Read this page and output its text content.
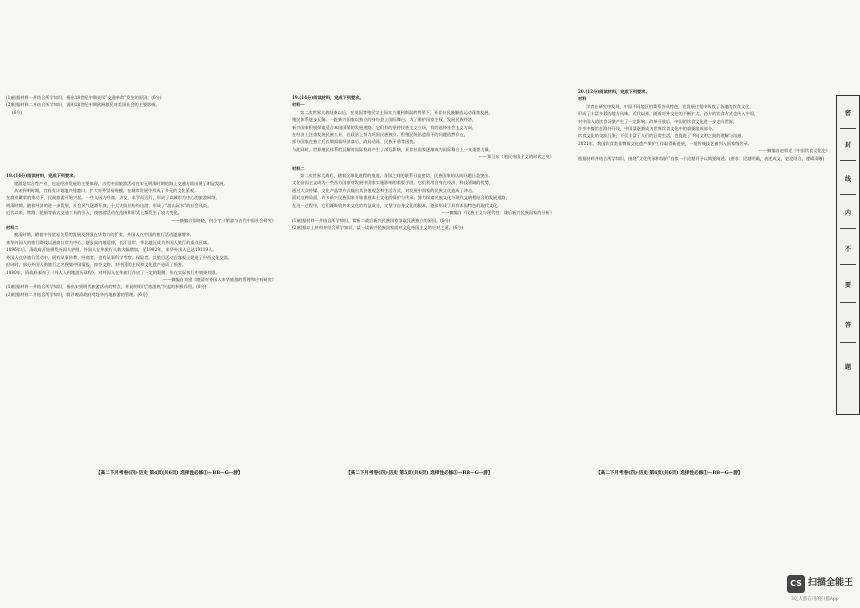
(1)根据材料一并结合所学知识，指出18世纪中期英国“交通革命”发生的原因。(6分)

(2)根据材料二并结合所学知识，说明18世纪中期欧洲移民对美国社会的主要影响。

(6分)

18.(14分)阅读材料，完成下列要求。

旅游是综合性产业，也是经济发展的主要体现。古代中国旅游活动在宋元明清时期的海上交通方面出现了明显发展。

从宋到明时期，官府有计划地兴建港口，扩大对外贸易规模，在城市发展中形成了多元的文化景观。

在商业繁荣的推动下，民间旅游开始兴起，一些人因为经商、访友、求学而远行，形成了以城市为中心的旅游网络。

明清时期，随着经济的进一步发展，社会风气逐渐开放，士大夫阶层纷纷出游，形成了“游山玩水”的社会风尚。

近代以来，铁路、轮船等新式交通工具的引入，使旅游活动在范围和形式上都发生了较大变化。

——摘编自张晓晓、何小宇《旅游与古代中国社会研究》

材料二

晚清时期，随着中外贸易关系的发展及列强在华势力的扩张，外国人在中国的旅行活动逐渐增多。

来华外国人的旅行路线以通商口岸为中心，逐步向内地延伸，长江沿岸、华北地区成为外国人旅行的重点区域。

1896年后，清政府开始颁发外国人护照，外国人在华旅行人数大幅增加，至1902年，来华外国人已达19119人。

外国人在华旅行活动中，既有从事传教、经商者，也有从事科学考察、探险者，其旅行活动在客观上促进了中西文化交流。

但同时，部分外国人借旅行之名搜集中国情报、掠夺文物，对中国的主权和文化遗产造成了损害。

1880年，清政府颁布了《外人入内地游历章程》，对外国人在华旅行作出了一定的限制，但在实际执行中效果有限。

——摘编自刘建《晚清对外国人来华旅游的管理和应对研究》

(1)根据材料一并结合所学知识，指出宋到明代旅游活动的特点，并说明明代“旅游热”兴起的积极作用。(8分)

(2)根据材料二并结合所学知识，简评晚清政府对赴华内地旅游的管理。(6分)

19.(14分)阅读材料，完成下列要求。

材料一

第二次世界大战结束以后，在英国等殖民宗主国实力遭到削弱的背景下，亚非拉民族解放运动蓬勃发展，

殖民体系逐步瓦解。一批新兴国家以独立的身份登上国际舞台，为了维护国家主权、发展民族经济，

新兴国家积极探索适合本国国情的发展道路。它们有的坚持民族主义立场，有的选择社会主义方向，

在经济上注重发展民族工业，在政治上努力巩固民族独立。但殖民统治遗留下的问题依然存在，

部分国家在独立后长期面临经济落后、政局动荡、民族矛盾等困扰。

与此同时，世界殖民体系的瓦解对国际格局产生了深远影响，亚非拉国家逐渐成为国际舞台上一支重要力量。

——郑卫东《殖民帝国主义的时代之变》

材料二

第二次世界大战后，随着全球化进程的推进，各国之间的联系日益密切，民族国家的认同问题日益突出。

文化帝国主义成为一些西方国家对发展中国家实施影响的重要手段，它们利用自身在经济、科技领域的优势，

通过大众传媒、文化产品等方式输出其价值观念和生活方式，对发展中国家的民族文化造成了冲击。

面对这种局面，许多新兴民族国家开始重视本土文化的保护与传承，努力探索民族文化与现代文明相结合的发展道路，

在这一过程中，它们既吸收外来文化的有益成分，又坚守自身文化的根本，逐步形成了具有本国特色的现代文化。

——摘编自《民族主义与现代性：战后新兴民族国家的分析》

(1)根据材料一并结合所学知识，简析二战后新兴民族国家争取民族独立的原因。(8分)

(2)根据以上材料并结合所学知识，谈一谈新兴民族国家面对文化帝国主义的应对之道。(6分)

20.(12分)阅读材料，完成下列要求。

材料

学者在研究中发现，中国不同地区的菜系各具特色，在发展过程中吸收了各地的饮食文化，

形成了丰富多彩的地方风味。近代以来，随着对外交往的不断扩大，西方的饮食方式也传入中国，

对中国人的饮食习惯产生了一定影响。改革开放后，中国的饮食文化进一步走向世界，

许多中餐馆在海外开设，中国菜逐渐成为世界饮食文化中的重要组成部分。

饮食文化的交流互鉴，不仅丰富了人们的日常生活，也促进了不同文明之间的理解与沟通。

2021年，我国饮食类非物质文化遗产保护工作取得新进展，一批传统技艺被列入国家级名录。

——摘编自赵荣光《中国饮食文化史》

根据材料并结合所学知识，围绕“文化传承和保护”自拟一个论题并予以简要阐述。(要求：论题明确，表述成文，史论结合，逻辑清晰)

【高二下月考卷(四)·历史 第4页(共6页) 选择性必修③—BB—G—游】	【高二下月考卷(四)·历史 第5页(共6页) 选择性必修③—BB—G—游】	【高二下月考卷(四)·历史 第6页(共6页) 选择性必修③—BB—G—游】
密
封
线
内
不
要
答
题
CS 扫描全能王
3亿人都在用的扫描App
